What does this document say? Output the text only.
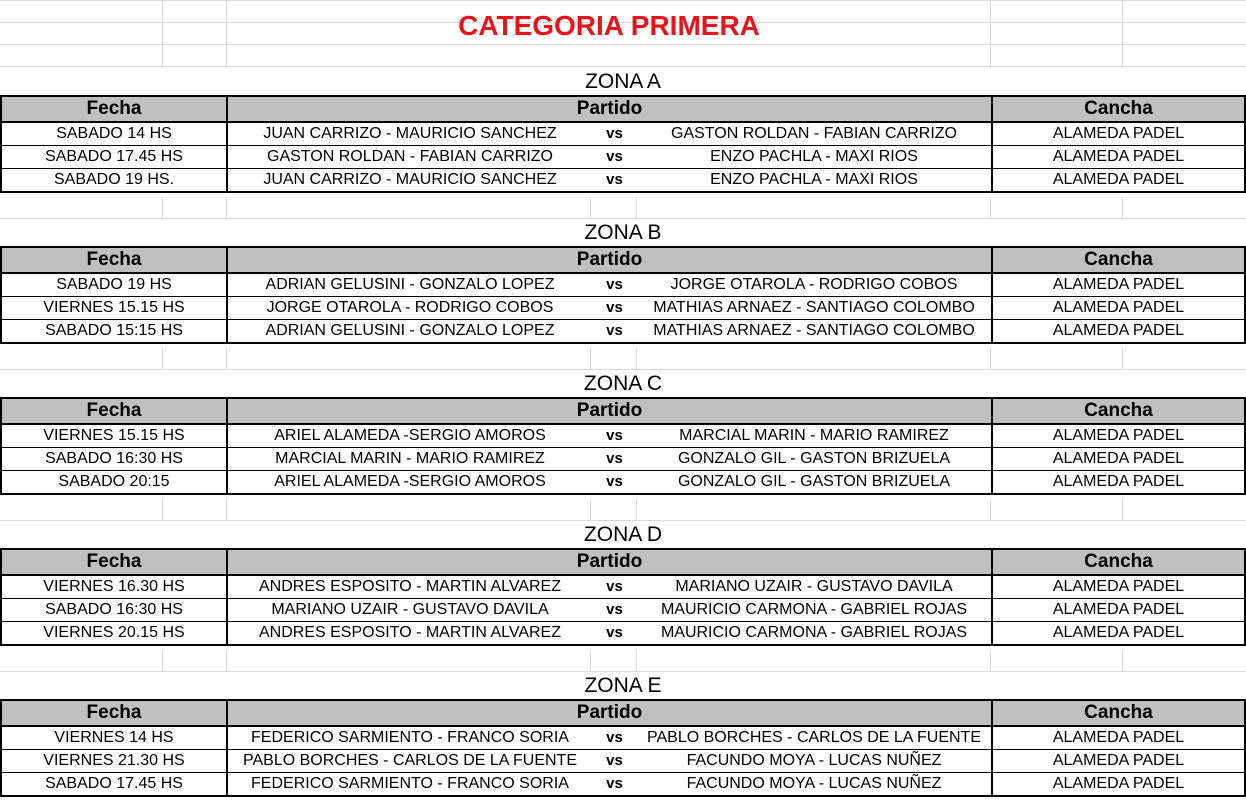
CATEGORIA PRIMERA
ZONA A
Fecha	Partido			Cancha
SABADO 14 HS	JUAN CARRIZO - MAURICIO SANCHEZ	vs	GASTON ROLDAN - FABIAN CARRIZO	ALAMEDA PADEL
SABADO 17.45 HS	GASTON ROLDAN - FABIAN CARRIZO	vs	ENZO PACHLA - MAXI RIOS	ALAMEDA PADEL
SABADO 19 HS.	JUAN CARRIZO - MAURICIO SANCHEZ	vs	ENZO PACHLA - MAXI RIOS	ALAMEDA PADEL
ZONA B
Fecha	Partido			Cancha
SABADO 19 HS	ADRIAN GELUSINI - GONZALO LOPEZ	vs	JORGE OTAROLA - RODRIGO COBOS	ALAMEDA PADEL
VIERNES 15.15 HS	JORGE OTAROLA - RODRIGO COBOS	vs	MATHIAS ARNAEZ - SANTIAGO COLOMBO	ALAMEDA PADEL
SABADO 15:15 HS	ADRIAN GELUSINI - GONZALO LOPEZ	vs	MATHIAS ARNAEZ - SANTIAGO COLOMBO	ALAMEDA PADEL
ZONA C
Fecha	Partido			Cancha
VIERNES 15.15 HS	ARIEL ALAMEDA -SERGIO AMOROS	vs	MARCIAL MARIN - MARIO RAMIREZ	ALAMEDA PADEL
SABADO 16:30 HS	MARCIAL MARIN - MARIO RAMIREZ	vs	GONZALO GIL - GASTON BRIZUELA	ALAMEDA PADEL
SABADO 20:15	ARIEL ALAMEDA -SERGIO AMOROS	vs	GONZALO GIL - GASTON BRIZUELA	ALAMEDA PADEL
ZONA D
Fecha	Partido			Cancha
VIERNES 16.30 HS	ANDRES ESPOSITO - MARTIN ALVAREZ	vs	MARIANO UZAIR - GUSTAVO DAVILA	ALAMEDA PADEL
SABADO 16:30 HS	MARIANO UZAIR - GUSTAVO DAVILA	vs	MAURICIO CARMONA - GABRIEL ROJAS	ALAMEDA PADEL
VIERNES 20.15 HS	ANDRES ESPOSITO - MARTIN ALVAREZ	vs	MAURICIO CARMONA - GABRIEL ROJAS	ALAMEDA PADEL
ZONA E
Fecha	Partido			Cancha
VIERNES 14 HS	FEDERICO SARMIENTO - FRANCO SORIA	vs	PABLO BORCHES - CARLOS DE LA FUENTE	ALAMEDA PADEL
VIERNES 21.30 HS	PABLO BORCHES - CARLOS DE LA FUENTE	vs	FACUNDO MOYA - LUCAS NUÑEZ	ALAMEDA PADEL
SABADO 17.45 HS	FEDERICO SARMIENTO - FRANCO SORIA	vs	FACUNDO MOYA - LUCAS NUÑEZ	ALAMEDA PADEL
